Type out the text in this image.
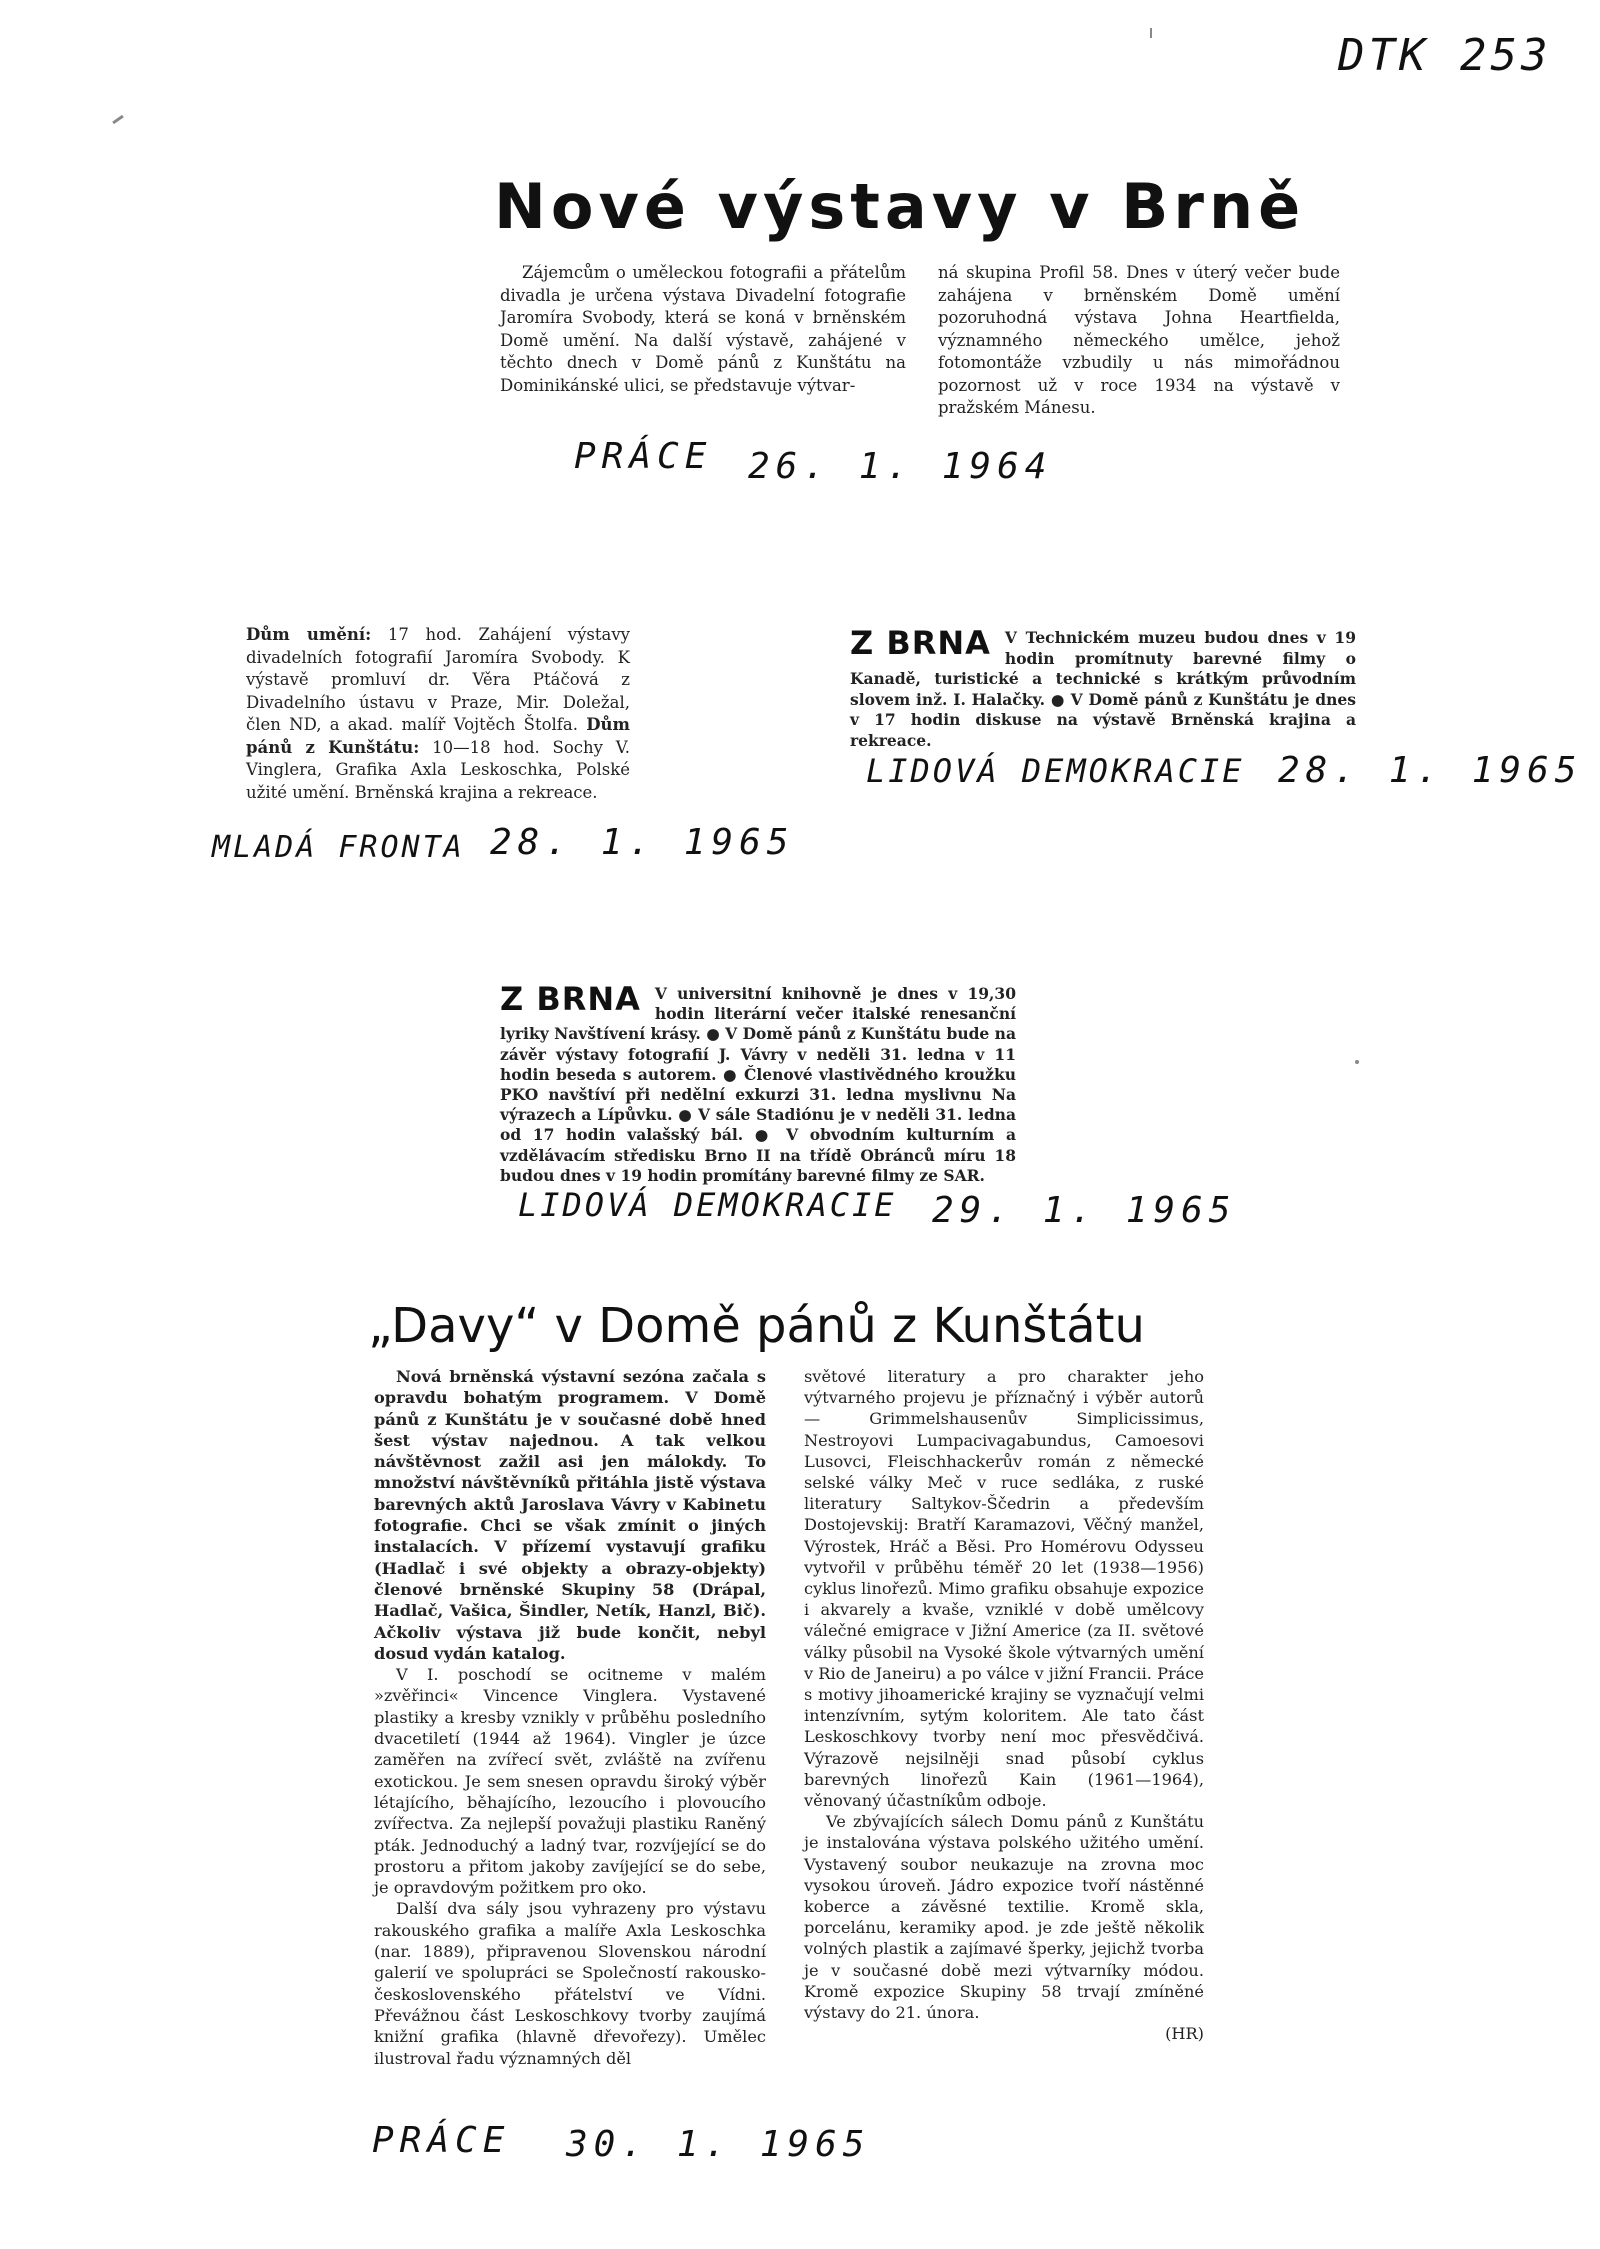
DTK 253
Nové výstavy v Brně

Zájemcům o uměleckou fotografii a přátelům divadla je určena výstava Divadelní fotografie Jaromíra Svobody, která se koná v brněnském Domě umění. Na další výstavě, zahájené v těchto dnech v Domě pánů z Kunštátu na Dominikánské ulici, se představuje výtvar-

ná skupina Profil 58. Dnes v úterý večer bude zahájena v brněnském Domě umění pozoruhodná výstava Johna Heartfielda, významného německého umělce, jehož fotomontáže vzbudily u nás mimořádnou pozornost už v roce 1934 na výstavě v pražském Mánesu.

PRÁCE 26. 1. 1964

Dům umění: 17 hod. Zahájení výstavy divadelních fotografií Jaromíra Svobody. K výstavě promluví dr. Věra Ptáčová z Divadelního ústavu v Praze, Mir. Doležal, člen ND, a akad. malíř Vojtěch Štolfa. Dům pánů z Kunštátu: 10—18 hod. Sochy V. Vinglera, Grafika Axla Leskoschka, Polské užité umění. Brněnská krajina a rekreace.

MLADÁ FRONTA 28. 1. 1965
Z BRNA V Technickém muzeu budou dnes v 19 hodin promítnuty barevné filmy o Kanadě, turistické a technické s krátkým průvodním slovem inž. I. Halačky. ● V Domě pánů z Kunštátu je dnes v 17 hodin diskuse na výstavě Brněnská krajina a rekreace.

LIDOVÁ DEMOKRACIE 28. 1. 1965
Z BRNA V universitní knihovně je dnes v 19,30 hodin literární večer italské renesanční lyriky Navštívení krásy. ● V Domě pánů z Kunštátu bude na závěr výstavy fotografií J. Vávry v neděli 31. ledna v 11 hodin beseda s autorem. ● Členové vlastivědného kroužku PKO navštíví při nedělní exkurzi 31. ledna myslivnu Na výrazech a Lípůvku. ● V sále Stadiónu je v neděli 31. ledna od 17 hodin valašský bál. ● V obvodním kulturním a vzdělávacím středisku Brno II na třídě Obránců míru 18 budou dnes v 19 hodin promítány barevné filmy ze SAR.

LIDOVÁ DEMOKRACIE 29. 1. 1965
„Davy“ v Domě pánů z Kunštátu

Nová brněnská výstavní sezóna začala s opravdu bohatým programem. V Domě pánů z Kunštátu je v současné době hned šest výstav najednou. A tak velkou návštěvnost zažil asi jen málokdy. To množství návštěvníků přitáhla jistě výstava barevných aktů Jaroslava Vávry v Kabinetu fotografie. Chci se však zmínit o jiných instalacích. V přízemí vystavují grafiku (Hadlač i své objekty a obrazy-objekty) členové brněnské Skupiny 58 (Drápal, Hadlač, Vašica, Šindler, Netík, Hanzl, Bič). Ačkoliv výstava již bude končit, nebyl dosud vydán katalog.

V I. poschodí se ocitneme v malém »zvěřinci« Vincence Vinglera. Vystavené plastiky a kresby vznikly v průběhu posledního dvacetiletí (1944 až 1964). Vingler je úzce zaměřen na zvířecí svět, zvláště na zvířenu exotickou. Je sem snesen opravdu široký výběr létajícího, běhajícího, lezoucího i plovoucího zvířectva. Za nejlepší považuji plastiku Raněný pták. Jednoduchý a ladný tvar, rozvíjející se do prostoru a přitom jakoby zavíjející se do sebe, je opravdovým požitkem pro oko.

Další dva sály jsou vyhrazeny pro výstavu rakouského grafika a malíře Axla Leskoschka (nar. 1889), připravenou Slovenskou národní galerií ve spolupráci se Společností rakousko-československého přátelství ve Vídni. Převážnou část Leskoschkovy tvorby zaujímá knižní grafika (hlavně dřevořezy). Umělec ilustroval řadu významných děl

světové literatury a pro charakter jeho výtvarného projevu je příznačný i výběr autorů — Grimmelshausenův Simplicissimus, Nestroyovi Lumpacivagabundus, Camoesovi Lusovci, Fleischhackerův román z německé selské války Meč v ruce sedláka, z ruské literatury Saltykov-Ščedrin a především Dostojevskij: Bratří Karamazovi, Věčný manžel, Výrostek, Hráč a Běsi. Pro Homérovu Odysseu vytvořil v průběhu téměř 20 let (1938—1956) cyklus linořezů. Mimo grafiku obsahuje expozice i akvarely a kvaše, vzniklé v době umělcovy válečné emigrace v Jižní Americe (za II. světové války působil na Vysoké škole výtvarných umění v Rio de Janeiru) a po válce v jižní Francii. Práce s motivy jihoamerické krajiny se vyznačují velmi intenzívním, sytým koloritem. Ale tato část Leskoschkovy tvorby není moc přesvědčivá. Výrazově nejsilněji snad působí cyklus barevných linořezů Kain (1961—1964), věnovaný účastníkům odboje.

Ve zbývajících sálech Domu pánů z Kunštátu je instalována výstava polského užitého umění. Vystavený soubor neukazuje na zrovna moc vysokou úroveň. Jádro expozice tvoří nástěnné koberce a závěsné textilie. Kromě skla, porcelánu, keramiky apod. je zde ještě několik volných plastik a zajímavé šperky, jejichž tvorba je v současné době mezi výtvarníky módou. Kromě expozice Skupiny 58 trvají zmíněné výstavy do 21. února.

(HR)

PRÁCE 30. 1. 1965
